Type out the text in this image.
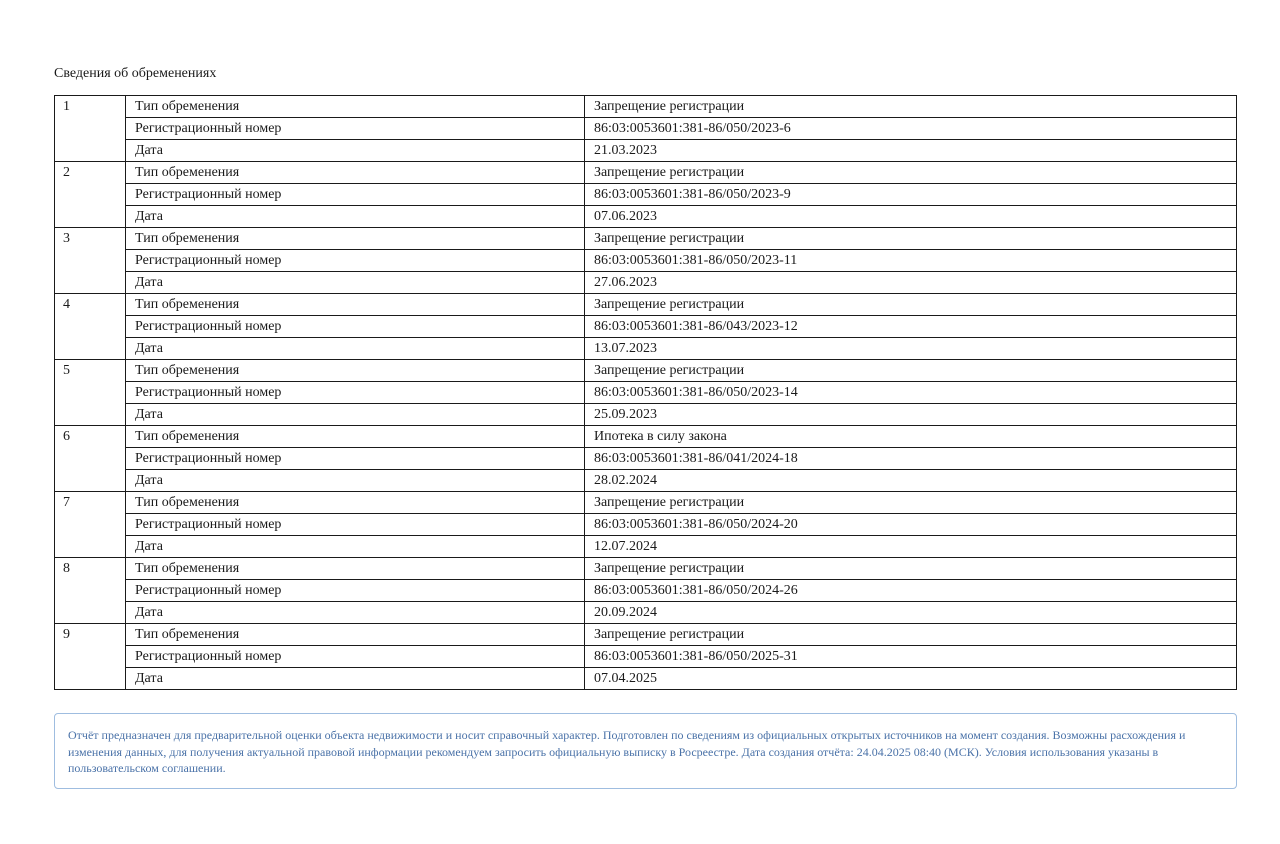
Сведения об обременениях
1	Тип обременения	Запрещение регистрации
	Регистрационный номер	86:03:0053601:381-86/050/2023-6
	Дата	21.03.2023
2	Тип обременения	Запрещение регистрации
	Регистрационный номер	86:03:0053601:381-86/050/2023-9
	Дата	07.06.2023
3	Тип обременения	Запрещение регистрации
	Регистрационный номер	86:03:0053601:381-86/050/2023-11
	Дата	27.06.2023
4	Тип обременения	Запрещение регистрации
	Регистрационный номер	86:03:0053601:381-86/043/2023-12
	Дата	13.07.2023
5	Тип обременения	Запрещение регистрации
	Регистрационный номер	86:03:0053601:381-86/050/2023-14
	Дата	25.09.2023
6	Тип обременения	Ипотека в силу закона
	Регистрационный номер	86:03:0053601:381-86/041/2024-18
	Дата	28.02.2024
7	Тип обременения	Запрещение регистрации
	Регистрационный номер	86:03:0053601:381-86/050/2024-20
	Дата	12.07.2024
8	Тип обременения	Запрещение регистрации
	Регистрационный номер	86:03:0053601:381-86/050/2024-26
	Дата	20.09.2024
9	Тип обременения	Запрещение регистрации
	Регистрационный номер	86:03:0053601:381-86/050/2025-31
	Дата	07.04.2025
Отчёт предназначен для предварительной оценки объекта недвижимости и носит справочный характер. Подготовлен по сведениям из официальных открытых источников на момент создания. Возможны расхождения и изменения данных, для получения актуальной правовой информации рекомендуем запросить официальную выписку в Росреестре. Дата создания отчёта: 24.04.2025 08:40 (МСК). Условия использования указаны в пользовательском соглашении.
